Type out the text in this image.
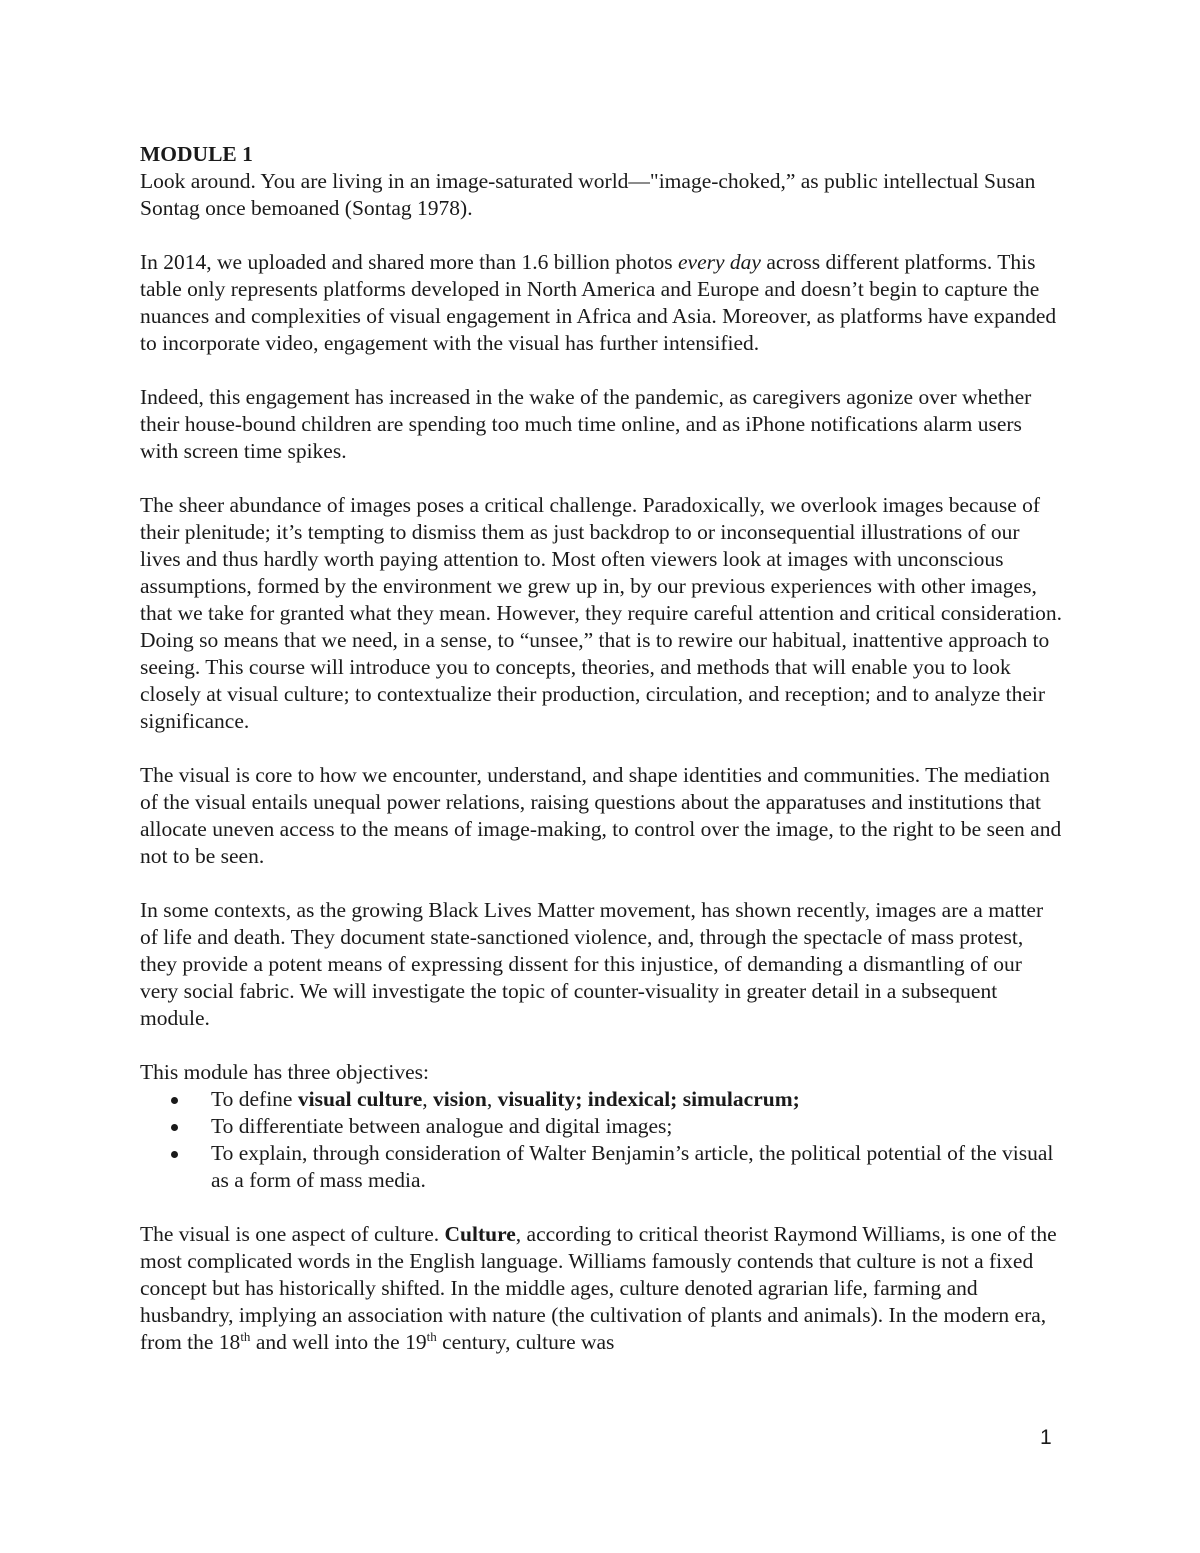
MODULE 1

Look around. You are living in an image-saturated world—"image-choked,” as public intellectual Susan Sontag once bemoaned (Sontag 1978).

In 2014, we uploaded and shared more than 1.6 billion photos every day across different platforms. This table only represents platforms developed in North America and Europe and doesn’t begin to capture the nuances and complexities of visual engagement in Africa and Asia. Moreover, as platforms have expanded to incorporate video, engagement with the visual has further intensified.

Indeed, this engagement has increased in the wake of the pandemic, as caregivers agonize over whether their house-bound children are spending too much time online, and as iPhone notifications alarm users with screen time spikes.

The sheer abundance of images poses a critical challenge. Paradoxically, we overlook images because of their plenitude; it’s tempting to dismiss them as just backdrop to or inconsequential illustrations of our lives and thus hardly worth paying attention to. Most often viewers look at images with unconscious assumptions, formed by the environment we grew up in, by our previous experiences with other images, that we take for granted what they mean. However, they require careful attention and critical consideration. Doing so means that we need, in a sense, to “unsee,” that is to rewire our habitual, inattentive approach to seeing. This course will introduce you to concepts, theories, and methods that will enable you to look closely at visual culture; to contextualize their production, circulation, and reception; and to analyze their significance.

The visual is core to how we encounter, understand, and shape identities and communities. The mediation of the visual entails unequal power relations, raising questions about the apparatuses and institutions that allocate uneven access to the means of image-making, to control over the image, to the right to be seen and not to be seen.

In some contexts, as the growing Black Lives Matter movement, has shown recently, images are a matter of life and death. They document state-sanctioned violence, and, through the spectacle of mass protest, they provide a potent means of expressing dissent for this injustice, of demanding a dismantling of our very social fabric. We will investigate the topic of counter-visuality in greater detail in a subsequent module.

This module has three objectives:

To define visual culture, vision, visuality; indexical; simulacrum;
To differentiate between analogue and digital images;
To explain, through consideration of Walter Benjamin’s article, the political potential of the visual as a form of mass media.

The visual is one aspect of culture. Culture, according to critical theorist Raymond Williams, is one of the most complicated words in the English language. Williams famously contends that culture is not a fixed concept but has historically shifted. In the middle ages, culture denoted agrarian life, farming and husbandry, implying an association with nature (the cultivation of plants and animals). In the modern era, from the 18th and well into the 19th century, culture was

1
